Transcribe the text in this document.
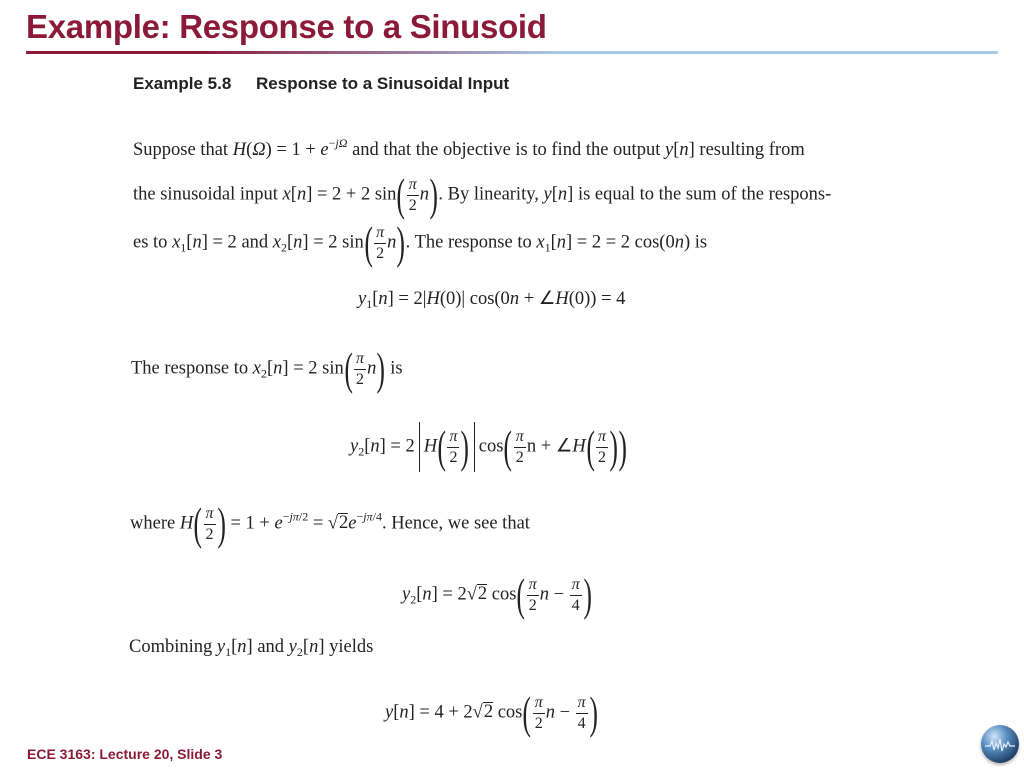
Example: Response to a Sinusoid
Example 5.8 Response to a Sinusoidal Input
Suppose that $H(\Omega) = 1 + e^{-j\Omega}$ and that the objective is to find the output y[n] resulting from
the sinusoidal input x[n] = 2 + 2 $\sin( \frac{\pi}{2} n)$. By linearity, y[n] is equal to the sum of the respons-
es to $x_1[n] = 2$ and $x_2[n] = 2$ $\sin( \frac{\pi}{2} n)$. The response to $x_1[n] = 2 = 2$ cos(0n) is
$y_1[n] = 2|H(0)|$ cos(0n + ∠H(0)) = 4
The response to $x_2[n] = 2$ $\sin( \frac{\pi}{2} n)$ is
$y_2[n] = 2$ $H( \frac{\pi}{2}$ ) $\cos( \frac{\pi}{2}$ n + ∠H( $\frac{\pi}{2}$ ))
where $H( \frac{\pi}{2}$ ) = $1 + e^{-j\pi/2} = √2e^{-j\pi/4}$. Hence, we see that
$y_2[n] = 2√2$ $\cos( \frac{\pi}{2}$ $n - \frac{\pi}{4}$ )
Combining $y_1[n]$ and $y_2[n]$ yields
y[n] = 4 + 2√2 $\cos( \frac{\pi}{2}$ $n - \frac{\pi}{4}$ )
ECE 3163: Lecture 20, Slide 3
